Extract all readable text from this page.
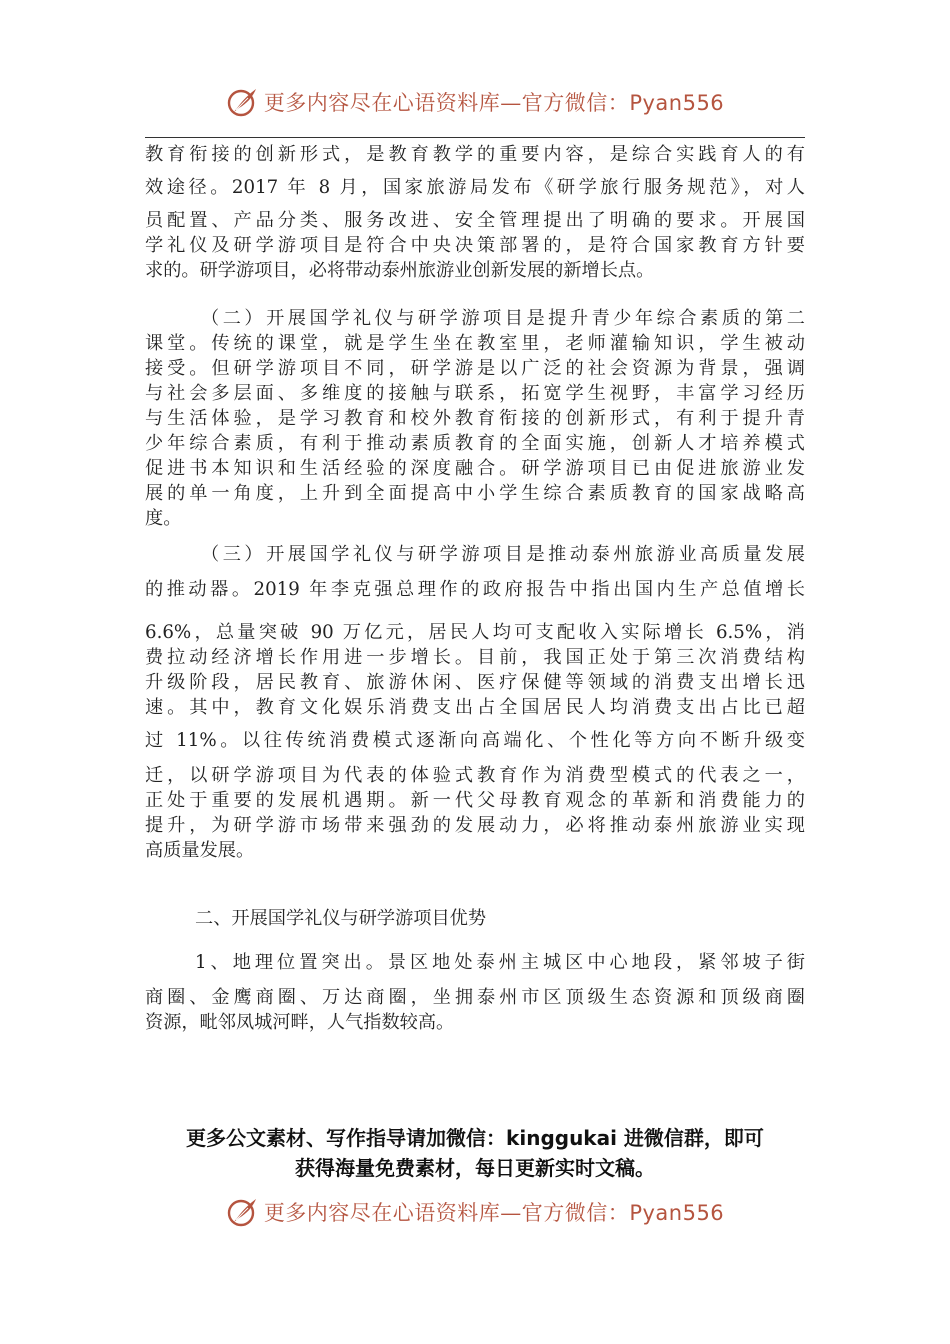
更多内容尽在心语资料库—官方微信：Pyan556
教育衔接的创新形式，是教育教学的重要内容，是综合实践育人的有
效途径。2017 年 8 月，国家旅游局发布《研学旅行服务规范》，对人
员配置、产品分类、服务改进、安全管理提出了明确的要求。开展国
学礼仪及研学游项目是符合中央决策部署的，是符合国家教育方针要
求的。研学游项目，必将带动泰州旅游业创新发展的新增长点。
（二）开展国学礼仪与研学游项目是提升青少年综合素质的第二
课堂。传统的课堂，就是学生坐在教室里，老师灌输知识，学生被动
接受。但研学游项目不同，研学游是以广泛的社会资源为背景，强调
与社会多层面、多维度的接触与联系，拓宽学生视野，丰富学习经历
与生活体验，是学习教育和校外教育衔接的创新形式，有利于提升青
少年综合素质，有利于推动素质教育的全面实施，创新人才培养模式
促进书本知识和生活经验的深度融合。研学游项目已由促进旅游业发
展的单一角度，上升到全面提高中小学生综合素质教育的国家战略高
度。
（三）开展国学礼仪与研学游项目是推动泰州旅游业高质量发展
的推动器。2019 年李克强总理作的政府报告中指出国内生产总值增长
6.6%，总量突破 90 万亿元，居民人均可支配收入实际增长 6.5%，消
费拉动经济增长作用进一步增长。目前，我国正处于第三次消费结构
升级阶段，居民教育、旅游休闲、医疗保健等领域的消费支出增长迅
速。其中，教育文化娱乐消费支出占全国居民人均消费支出占比已超
过 11%。以往传统消费模式逐渐向高端化、个性化等方向不断升级变
迁，以研学游项目为代表的体验式教育作为消费型模式的代表之一，
正处于重要的发展机遇期。新一代父母教育观念的革新和消费能力的
提升，为研学游市场带来强劲的发展动力，必将推动泰州旅游业实现
高质量发展。
二、开展国学礼仪与研学游项目优势
1、地理位置突出。景区地处泰州主城区中心地段，紧邻坡子街
商圈、金鹰商圈、万达商圈，坐拥泰州市区顶级生态资源和顶级商圈
资源，毗邻凤城河畔，人气指数较高。
更多公文素材、写作指导请加微信：kinggukai 进微信群，即可
获得海量免费素材，每日更新实时文稿。
更多内容尽在心语资料库—官方微信：Pyan556
